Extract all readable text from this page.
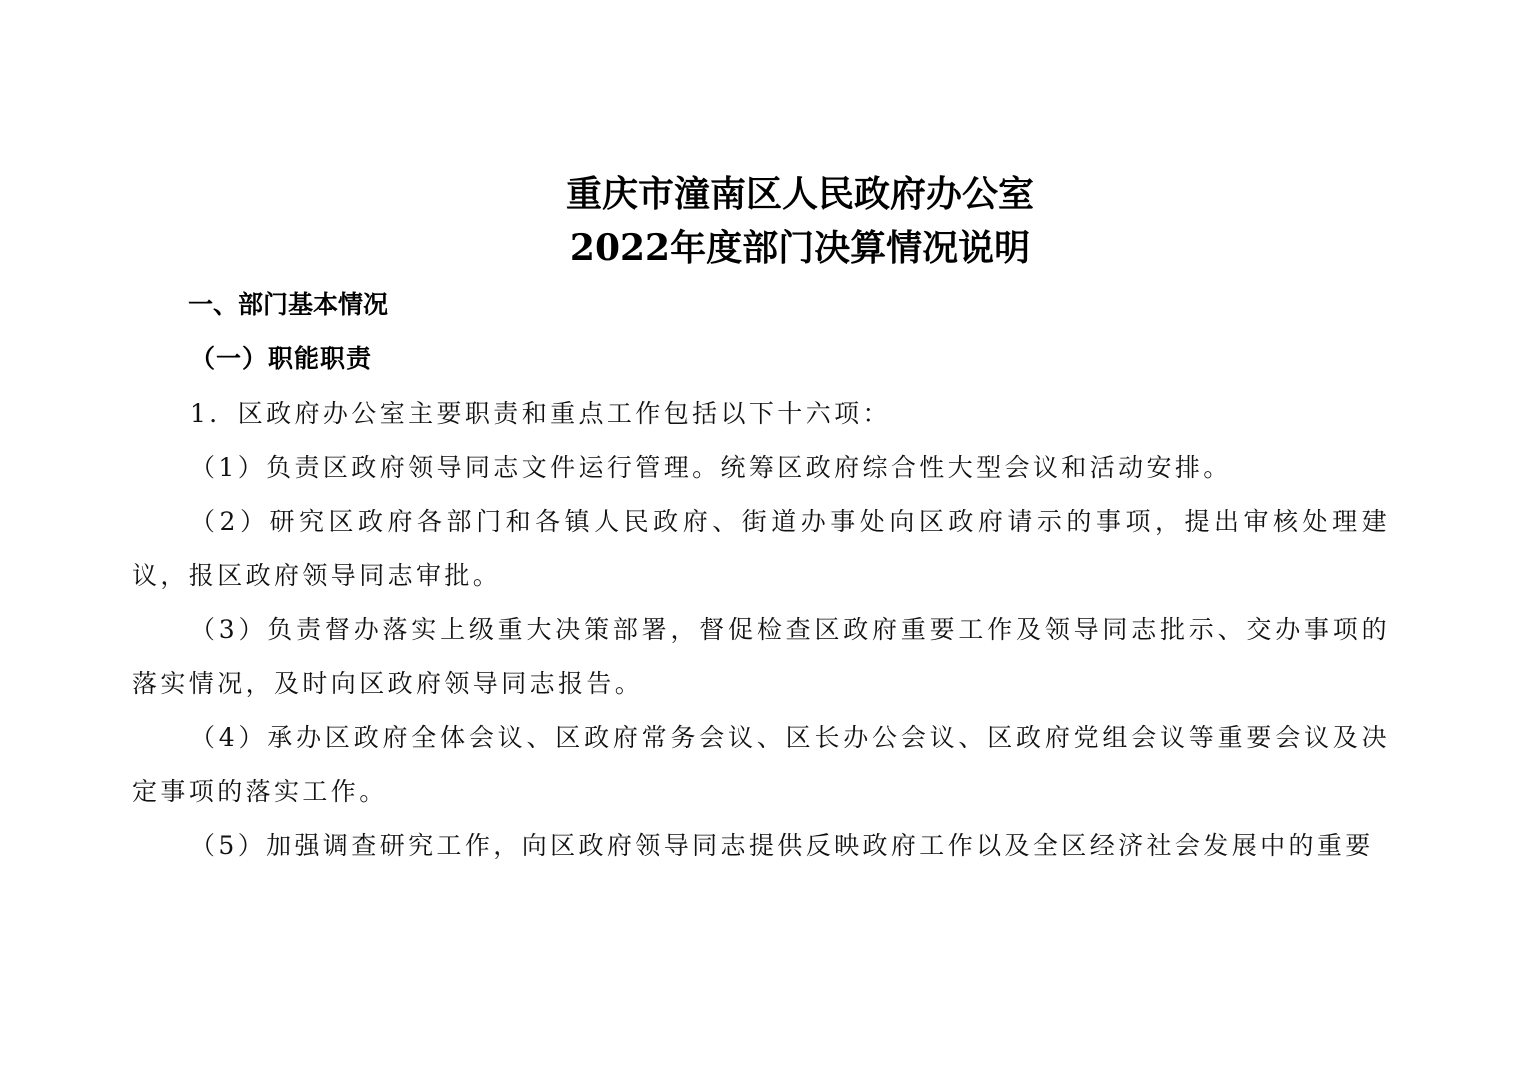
重庆市潼南区人民政府办公室
2022年度部门决算情况说明
一、部门基本情况
（一）职能职责
1．区政府办公室主要职责和重点工作包括以下十六项：
（1）负责区政府领导同志文件运行管理。统筹区政府综合性大型会议和活动安排。
（2）研究区政府各部门和各镇人民政府、街道办事处向区政府请示的事项，提出审核处理建议，报区政府领导同志审批。
（3）负责督办落实上级重大决策部署，督促检查区政府重要工作及领导同志批示、交办事项的落实情况，及时向区政府领导同志报告。
（4）承办区政府全体会议、区政府常务会议、区长办公会议、区政府党组会议等重要会议及决定事项的落实工作。
（5）加强调查研究工作，向区政府领导同志提供反映政府工作以及全区经济社会发展中的重要
